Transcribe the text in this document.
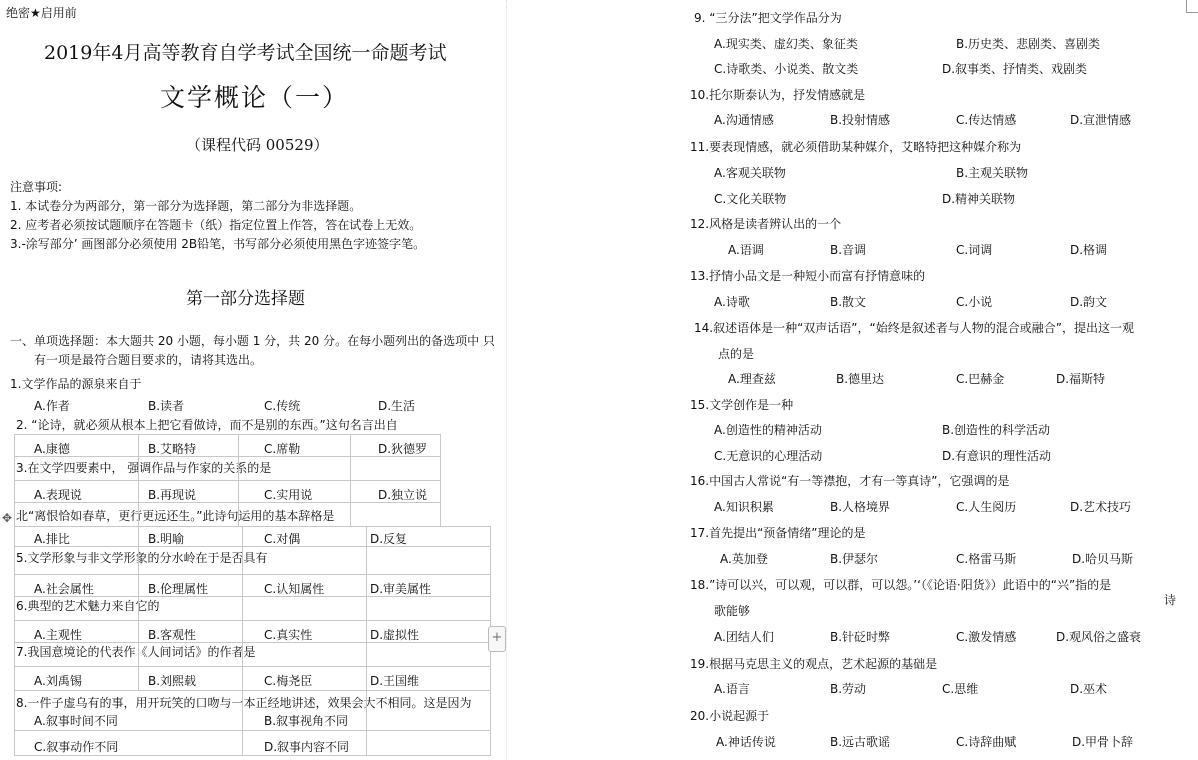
绝密★启用前
2019年4月高等教育自学考试全国统一命题考试
文学概论（一）
（课程代码 00529）
注意事项:
1. 本试卷分为两部分，第一部分为选择题，第二部分为非选择题。
2. 应考者必须按试题顺序在答题卡（纸）指定位置上作答，答在试卷上无效。
3.-涂写部分’ 画图部分必须使用 2B铅笔，书写部分必须使用黑色字迹签字笔。
第一部分选择题
一、单项选择题：本大题共 20 小题，每小题 1 分，共 20 分。在每小题列出的备选项中 只
有一项是最符合题目要求的，请将其选出。
1.文学作品的源泉来自于
A.作者	B.读者	C.传统	D.生活
2. “论诗，就必须从根本上把它看做诗，而不是别的东西。”这句名言出自
A.康德	B.艾略特	C.席勒	D.狄德罗
3.在文学四要素中， 强调作品与作家的关系的是
A.表现说	B.再现说	C.实用说	D.独立说
✥ 北“离恨恰如春草，更行更远还生。”此诗句运用的基本辞格是
A.排比	B.明喻	C.对偶	D.反复
5.文学形象与非文学形象的分水岭在于是否具有
A.社会属性	B.伦理属性	C.认知属性	D.审美属性
6.典型的艺术魅力来自它的
A.主观性	B.客观性	C.真实性	D.虚拟性
7.我国意境论的代表作《人间词话》的作者是
A.刘禹锡	B.刘熙载	C.梅尧臣	D.王国维
8.一件子虚乌有的事，用开玩笑的口吻与一本正经地讲述，效果会大不相同。这是因为
A.叙事时间不同	B.叙事视角不同
C.叙事动作不同	D.叙事内容不同
+
9. “三分法”把文学作品分为
A.现实类、虚幻类、象征类	B.历史类、悲剧类、喜剧类
C.诗歌类、小说类、散文类	D.叙事类、抒情类、戏剧类
10.托尔斯泰认为，抒发情感就是
A.沟通情感	B.投射情感	C.传达情感	D.宣泄情感
11.要表现情感，就必须借助某种媒介，艾略特把这种媒介称为
A.客观关联物	B.主观关联物
C.文化关联物	D.精神关联物
12.风格是读者辨认出的一个
A.语调	B.音调	C.词调	D.格调
13.抒情小品文是一种短小而富有抒情意味的
A.诗歌	B.散文	C.小说	D.韵文
14.叙述语体是一种“双声话语”，“始终是叙述者与人物的混合或融合”，提出这一观
点的是
A.理查兹	B.德里达	C.巴赫金	D.福斯特
15.文学创作是一种
A.创造性的精神活动	B.创造性的科学活动
C.无意识的心理活动	D.有意识的理性活动
16.中国古人常说“有一等襟抱，才有一等真诗”，它强调的是
A.知识积累	B.人格境界	C.人生阅历	D.艺术技巧
17.首先提出“预备情绪”理论的是
A.英加登	B.伊瑟尔	C.格雷马斯	D.哈贝马斯
18.”诗可以兴，可以观，可以群，可以怨。’‘（《论语·阳货》）此语中的“兴”指的是
诗
歌能够
A.团结人们	B.针砭时弊	C.激发情感	D.观风俗之盛衰
19.根据马克思主义的观点，艺术起源的基础是
A.语言	B.劳动	C.思维	D.巫术
20.小说起源于
A.神话传说	B.远古歌谣	C.诗辞曲赋	D.甲骨卜辞
